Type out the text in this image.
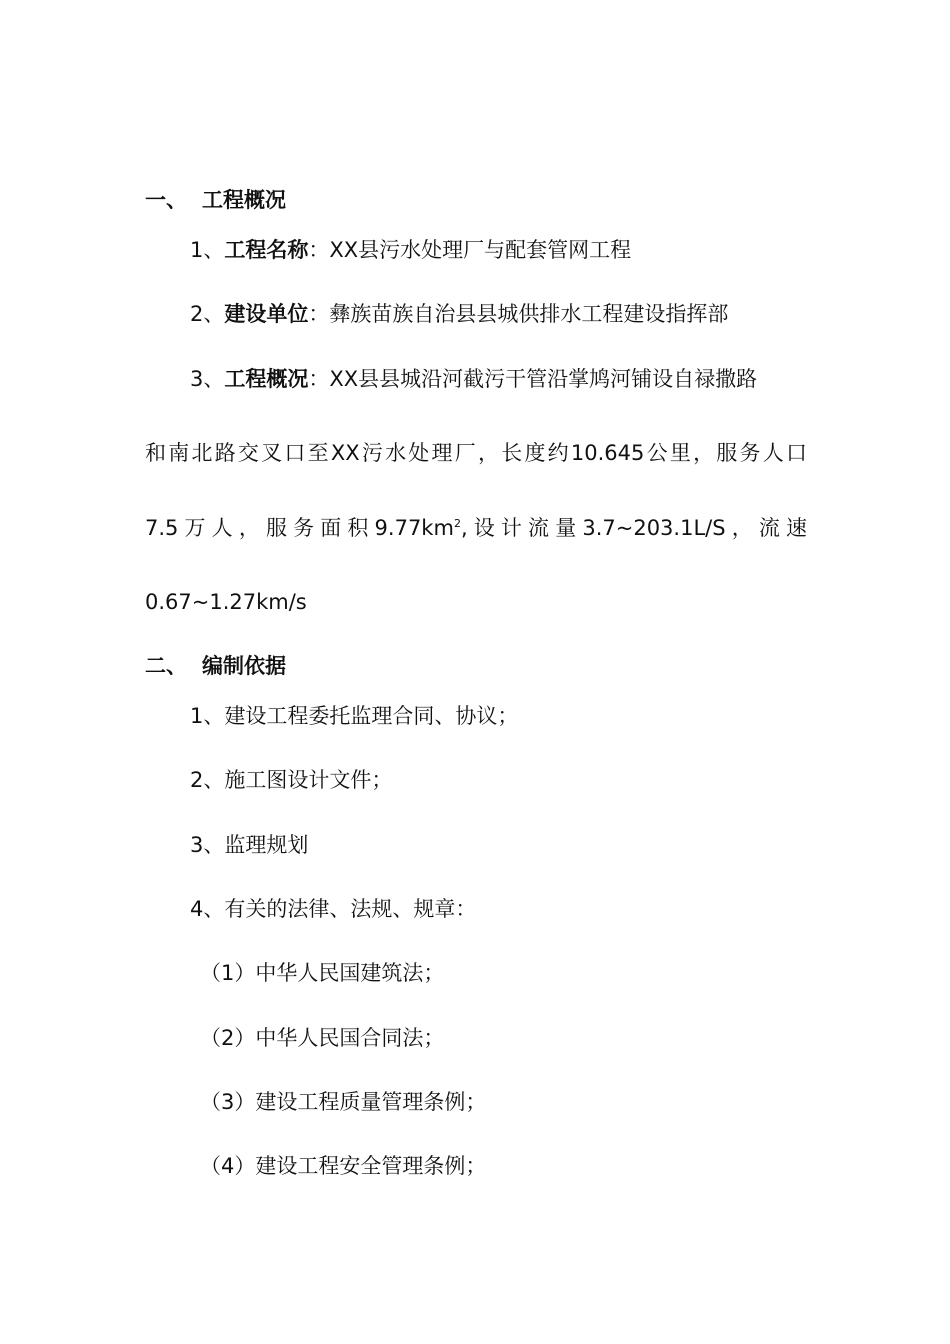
一、 工程概况
1、工程名称：XX县污水处理厂与配套管网工程
2、建设单位：彝族苗族自治县县城供排水工程建设指挥部
3、工程概况：XX县县城沿河截污干管沿掌鸠河铺设自禄撒路
和南北路交叉口至XX污水处理厂，长度约10.645公里，服务人口
7.5万人，服务面积$9.77km^2$,设计流量3.7~203.1L/S，流速
0.67~1.27km/s
二、 编制依据
1、建设工程委托监理合同、协议；
2、施工图设计文件；
3、监理规划
4、有关的法律、法规、规章：
（1）中华人民国建筑法；
（2）中华人民国合同法；
（3）建设工程质量管理条例；
（4）建设工程安全管理条例；
